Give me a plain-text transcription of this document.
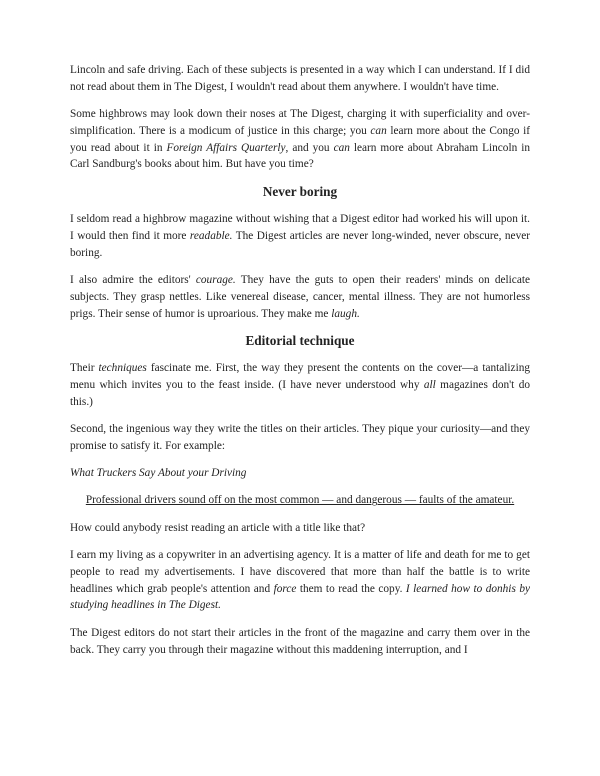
Lincoln and safe driving. Each of these subjects is presented in a way which I can understand. If I did not read about them in The Digest, I wouldn't read about them anywhere. I wouldn't have time.

Some highbrows may look down their noses at The Digest, charging it with superficiality and over-simplification. There is a modicum of justice in this charge; you can learn more about the Congo if you read about it in Foreign Affairs Quarterly, and you can learn more about Abraham Lincoln in Carl Sandburg's books about him. But have you time?

Never boring

I seldom read a highbrow magazine without wishing that a Digest editor had worked his will upon it. I would then find it more readable. The Digest articles are never long-winded, never obscure, never boring.

I also admire the editors' courage. They have the guts to open their readers' minds on delicate subjects. They grasp nettles. Like venereal disease, cancer, mental illness. They are not humorless prigs. Their sense of humor is uproarious. They make me laugh.

Editorial technique

Their techniques fascinate me. First, the way they present the contents on the cover—a tantalizing menu which invites you to the feast inside. (I have never understood why all magazines don't do this.)

Second, the ingenious way they write the titles on their articles. They pique your curiosity—and they promise to satisfy it. For example:

What Truckers Say About your Driving

Professional drivers sound off on the most common — and dangerous — faults of the amateur.

How could anybody resist reading an article with a title like that?

I earn my living as a copywriter in an advertising agency. It is a matter of life and death for me to get people to read my advertisements. I have discovered that more than half the battle is to write headlines which grab people's attention and force them to read the copy. I learned how to donhis by studying headlines in The Digest.

The Digest editors do not start their articles in the front of the magazine and carry them over in the back. They carry you through their magazine without this maddening interruption, and I
